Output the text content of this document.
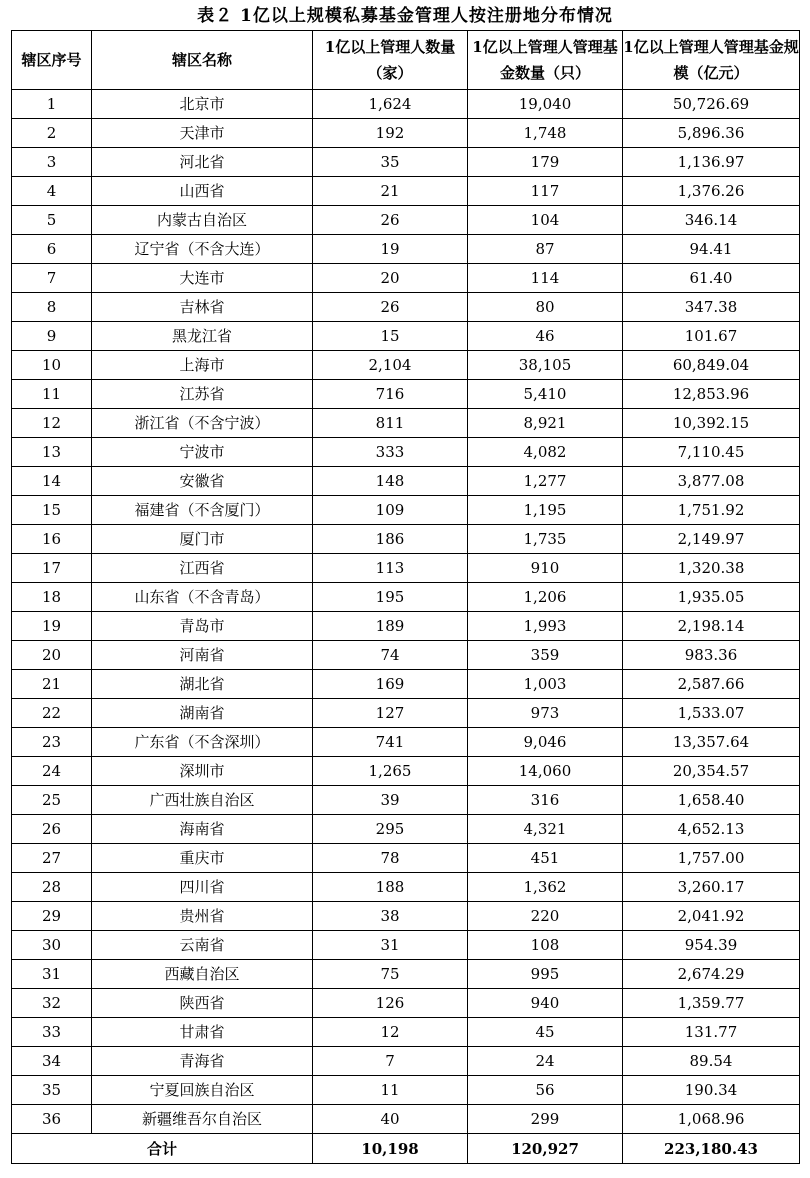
表２ 1亿以上规模私募基金管理人按注册地分布情况
辖区序号	辖区名称	1亿以上管理人数量（家）	1亿以上管理人管理基金数量（只）	1亿以上管理人管理基金规模（亿元）
1	北京市	1,624	19,040	50,726.69
2	天津市	192	1,748	5,896.36
3	河北省	35	179	1,136.97
4	山西省	21	117	1,376.26
5	内蒙古自治区	26	104	346.14
6	辽宁省（不含大连）	19	87	94.41
7	大连市	20	114	61.40
8	吉林省	26	80	347.38
9	黑龙江省	15	46	101.67
10	上海市	2,104	38,105	60,849.04
11	江苏省	716	5,410	12,853.96
12	浙江省（不含宁波）	811	8,921	10,392.15
13	宁波市	333	4,082	7,110.45
14	安徽省	148	1,277	3,877.08
15	福建省（不含厦门）	109	1,195	1,751.92
16	厦门市	186	1,735	2,149.97
17	江西省	113	910	1,320.38
18	山东省（不含青岛）	195	1,206	1,935.05
19	青岛市	189	1,993	2,198.14
20	河南省	74	359	983.36
21	湖北省	169	1,003	2,587.66
22	湖南省	127	973	1,533.07
23	广东省（不含深圳）	741	9,046	13,357.64
24	深圳市	1,265	14,060	20,354.57
25	广西壮族自治区	39	316	1,658.40
26	海南省	295	4,321	4,652.13
27	重庆市	78	451	1,757.00
28	四川省	188	1,362	3,260.17
29	贵州省	38	220	2,041.92
30	云南省	31	108	954.39
31	西藏自治区	75	995	2,674.29
32	陕西省	126	940	1,359.77
33	甘肃省	12	45	131.77
34	青海省	7	24	89.54
35	宁夏回族自治区	11	56	190.34
36	新疆维吾尔自治区	40	299	1,068.96
合计		10,198	120,927	223,180.43
